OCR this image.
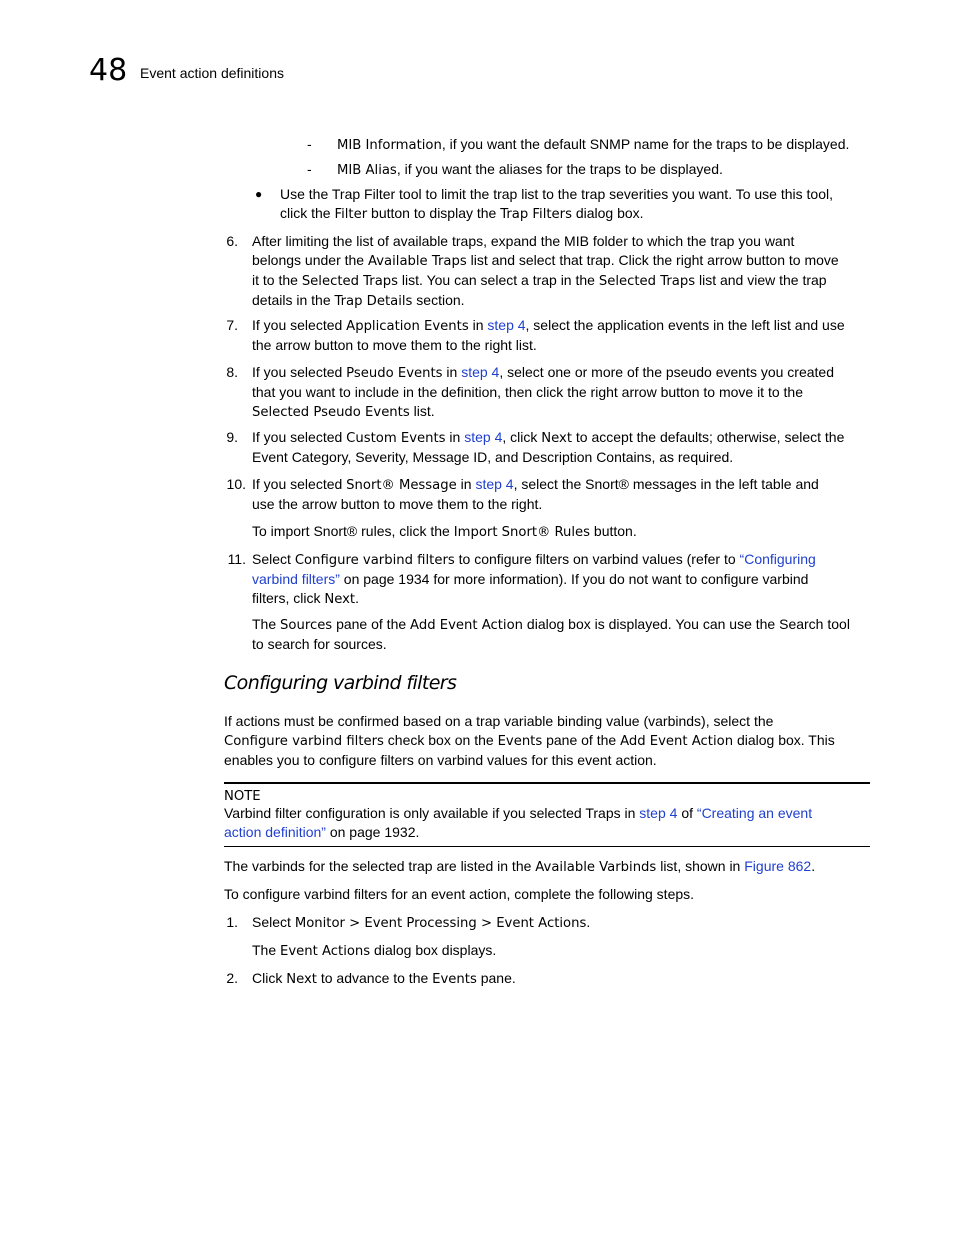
48 Event action definitions
- MIB Information, if you want the default SNMP name for the traps to be displayed.
- MIB Alias, if you want the aliases for the traps to be displayed.
● Use the Trap Filter tool to limit the trap list to the trap severities you want. To use this tool,
click the Filter button to display the Trap Filters dialog box.
6. After limiting the list of available traps, expand the MIB folder to which the trap you want
belongs under the Available Traps list and select that trap. Click the right arrow button to move
it to the Selected Traps list. You can select a trap in the Selected Traps list and view the trap
details in the Trap Details section.
7. If you selected Application Events in step 4, select the application events in the left list and use
the arrow button to move them to the right list.
8. If you selected Pseudo Events in step 4, select one or more of the pseudo events you created
that you want to include in the definition, then click the right arrow button to move it to the
Selected Pseudo Events list.
9. If you selected Custom Events in step 4, click Next to accept the defaults; otherwise, select the
Event Category, Severity, Message ID, and Description Contains, as required.
10. If you selected Snort® Message in step 4, select the Snort® messages in the left table and
use the arrow button to move them to the right.
To import Snort® rules, click the Import Snort® Rules button.
11. Select Configure varbind filters to configure filters on varbind values (refer to “Configuring
varbind filters” on page 1934 for more information). If you do not want to configure varbind
filters, click Next.
The Sources pane of the Add Event Action dialog box is displayed. You can use the Search tool
to search for sources.
Configuring varbind filters
If actions must be confirmed based on a trap variable binding value (varbinds), select the
Configure varbind filters check box on the Events pane of the Add Event Action dialog box. This
enables you to configure filters on varbind values for this event action.
NOTE
Varbind filter configuration is only available if you selected Traps in step 4 of “Creating an event
action definition” on page 1932.
The varbinds for the selected trap are listed in the Available Varbinds list, shown in Figure 862.
To configure varbind filters for an event action, complete the following steps.
1. Select Monitor > Event Processing > Event Actions.
The Event Actions dialog box displays.
2. Click Next to advance to the Events pane.
